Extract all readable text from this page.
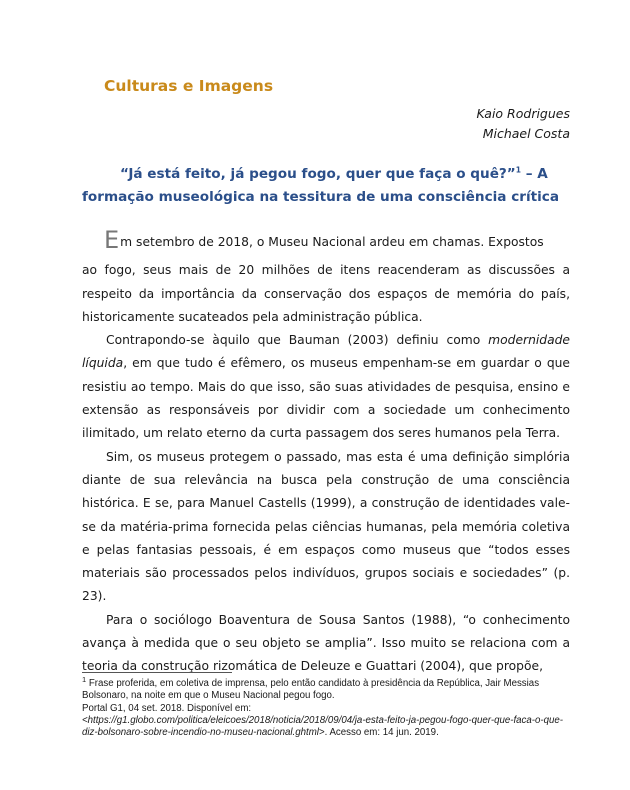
Culturas e Imagens
Kaio Rodrigues
Michael Costa
“Já está feito, já pegou fogo, quer que faça o quê?”$^1$ – A
formação museológica na tessitura de uma consciência crítica

Em setembro de 2018, o Museu Nacional ardeu em chamas. Expostos
ao fogo, seus mais de 20 milhões de itens reacenderam as discussões a respeito da importância da conservação dos espaços de memória do país, historicamente sucateados pela administração pública.

Contrapondo-se àquilo que Bauman (2003) definiu como modernidade líquida, em que tudo é efêmero, os museus empenham-se em guardar o que resistiu ao tempo. Mais do que isso, são suas atividades de pesquisa, ensino e extensão as responsáveis por dividir com a sociedade um conhecimento ilimitado, um relato eterno da curta passagem dos seres humanos pela Terra.

Sim, os museus protegem o passado, mas esta é uma definição simplória diante de sua relevância na busca pela construção de uma consciência histórica. E se, para Manuel Castells (1999), a construção de identidades vale-se da matéria-prima fornecida pelas ciências humanas, pela memória coletiva e pelas fantasias pessoais, é em espaços como museus que “todos esses materiais são processados pelos indivíduos, grupos sociais e sociedades” (p. 23).

Para o sociólogo Boaventura de Sousa Santos (1988), “o conhecimento avança à medida que o seu objeto se amplia”. Isso muito se relaciona com a teoria da construção rizomática de Deleuze e Guattari (2004), que propõe,

$^1$ Frase proferida, em coletiva de imprensa, pelo então candidato à presidência da República, Jair Messias Bolsonaro, na noite em que o Museu Nacional pegou fogo.

Portal G1, 04 set. 2018. Disponível em:

<https://g1.globo.com/politica/eleicoes/2018/noticia/2018/09/04/ja-esta-feito-ja-pegou-fogo-quer-que-faca-o-que-diz-bolsonaro-sobre-incendio-no-museu-nacional.ghtml>. Acesso em: 14 jun. 2019.
